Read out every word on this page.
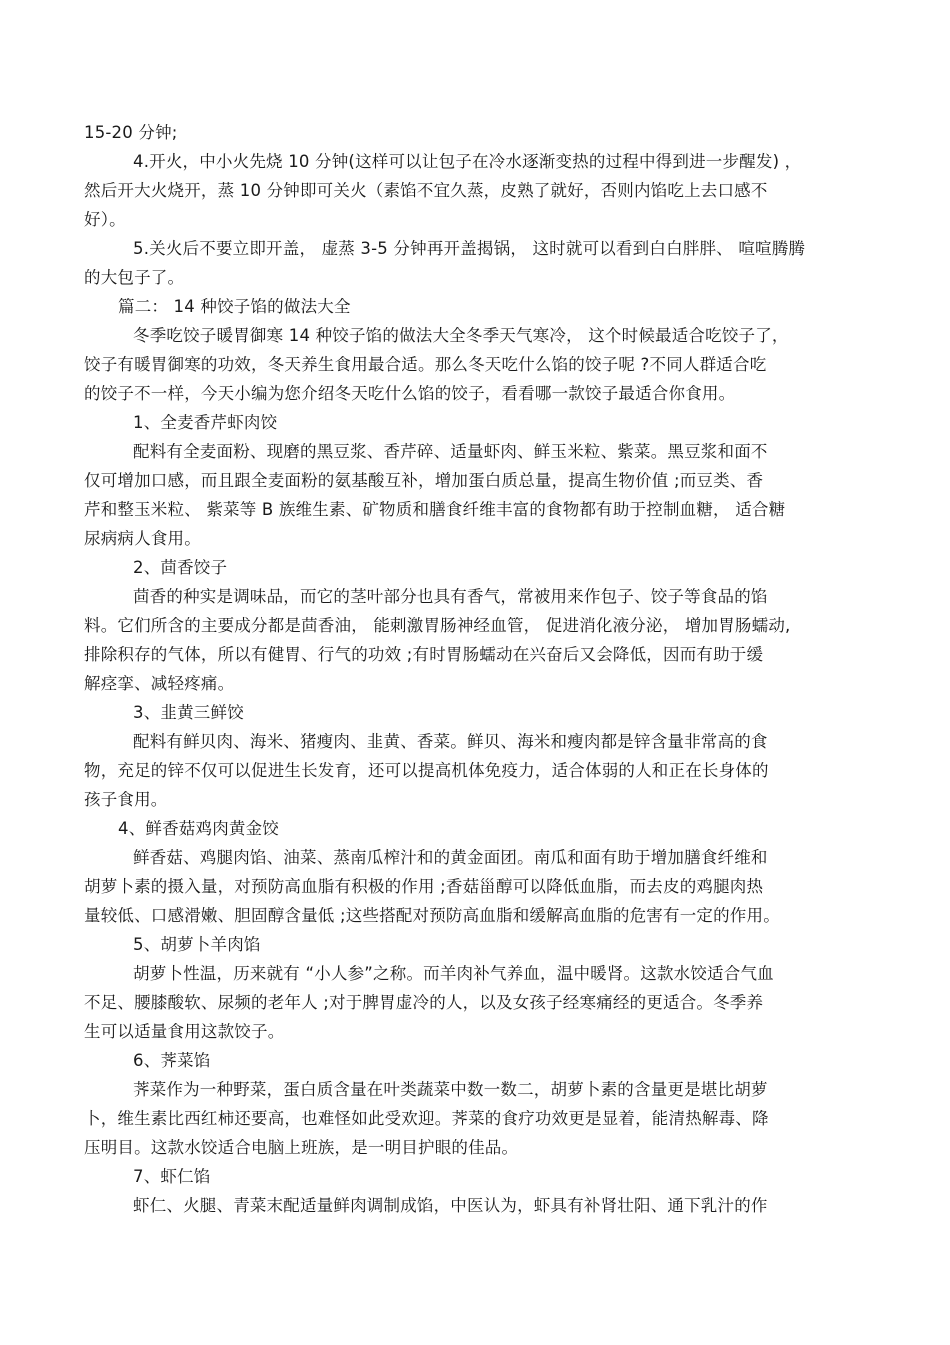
15-20 分钟;
4.开火，中小火先烧 10 分钟(这样可以让包子在冷水逐渐变热的过程中得到进一步醒发) ，
然后开大火烧开，蒸 10 分钟即可关火（素馅不宜久蒸，皮熟了就好，否则内馅吃上去口感不
好）。
5.关火后不要立即开盖， 虚蒸 3-5 分钟再开盖揭锅， 这时就可以看到白白胖胖、 喧喧腾腾
的大包子了。
篇二： 14 种饺子馅的做法大全
冬季吃饺子暖胃御寒 14 种饺子馅的做法大全冬季天气寒冷， 这个时候最适合吃饺子了，
饺子有暖胃御寒的功效，冬天养生食用最合适。那么冬天吃什么馅的饺子呢 ?不同人群适合吃
的饺子不一样，今天小编为您介绍冬天吃什么馅的饺子，看看哪一款饺子最适合你食用。
1、全麦香芹虾肉饺
配料有全麦面粉、现磨的黑豆浆、香芹碎、适量虾肉、鲜玉米粒、紫菜。黑豆浆和面不
仅可增加口感，而且跟全麦面粉的氨基酸互补，增加蛋白质总量，提高生物价值 ;而豆类、香
芹和整玉米粒、 紫菜等 B 族维生素、矿物质和膳食纤维丰富的食物都有助于控制血糖， 适合糖
尿病病人食用。
2、茴香饺子
茴香的种实是调味品，而它的茎叶部分也具有香气，常被用来作包子、饺子等食品的馅
料。它们所含的主要成分都是茴香油， 能刺激胃肠神经血管， 促进消化液分泌， 增加胃肠蠕动,
排除积存的气体，所以有健胃、行气的功效 ;有时胃肠蠕动在兴奋后又会降低，因而有助于缓
解痉挛、减轻疼痛。
3、韭黄三鲜饺
配料有鲜贝肉、海米、猪瘦肉、韭黄、香菜。鲜贝、海米和瘦肉都是锌含量非常高的食
物，充足的锌不仅可以促进生长发育，还可以提高机体免疫力，适合体弱的人和正在长身体的
孩子食用。
4、鲜香菇鸡肉黄金饺
鲜香菇、鸡腿肉馅、油菜、蒸南瓜榨汁和的黄金面团。南瓜和面有助于增加膳食纤维和
胡萝卜素的摄入量，对预防高血脂有积极的作用 ;香菇甾醇可以降低血脂，而去皮的鸡腿肉热
量较低、口感滑嫩、胆固醇含量低 ;这些搭配对预防高血脂和缓解高血脂的危害有一定的作用。
5、胡萝卜羊肉馅
胡萝卜性温，历来就有 “小人参”之称。而羊肉补气养血，温中暖肾。这款水饺适合气血
不足、腰膝酸软、尿频的老年人 ;对于脾胃虚冷的人，以及女孩子经寒痛经的更适合。冬季养
生可以适量食用这款饺子。
6、荠菜馅
荠菜作为一种野菜，蛋白质含量在叶类蔬菜中数一数二，胡萝卜素的含量更是堪比胡萝
卜，维生素比西红柿还要高，也难怪如此受欢迎。荠菜的食疗功效更是显着，能清热解毒、降
压明目。这款水饺适合电脑上班族，是一明目护眼的佳品。
7、虾仁馅
虾仁、火腿、青菜末配适量鲜肉调制成馅，中医认为，虾具有补肾壮阳、通下乳汁的作
